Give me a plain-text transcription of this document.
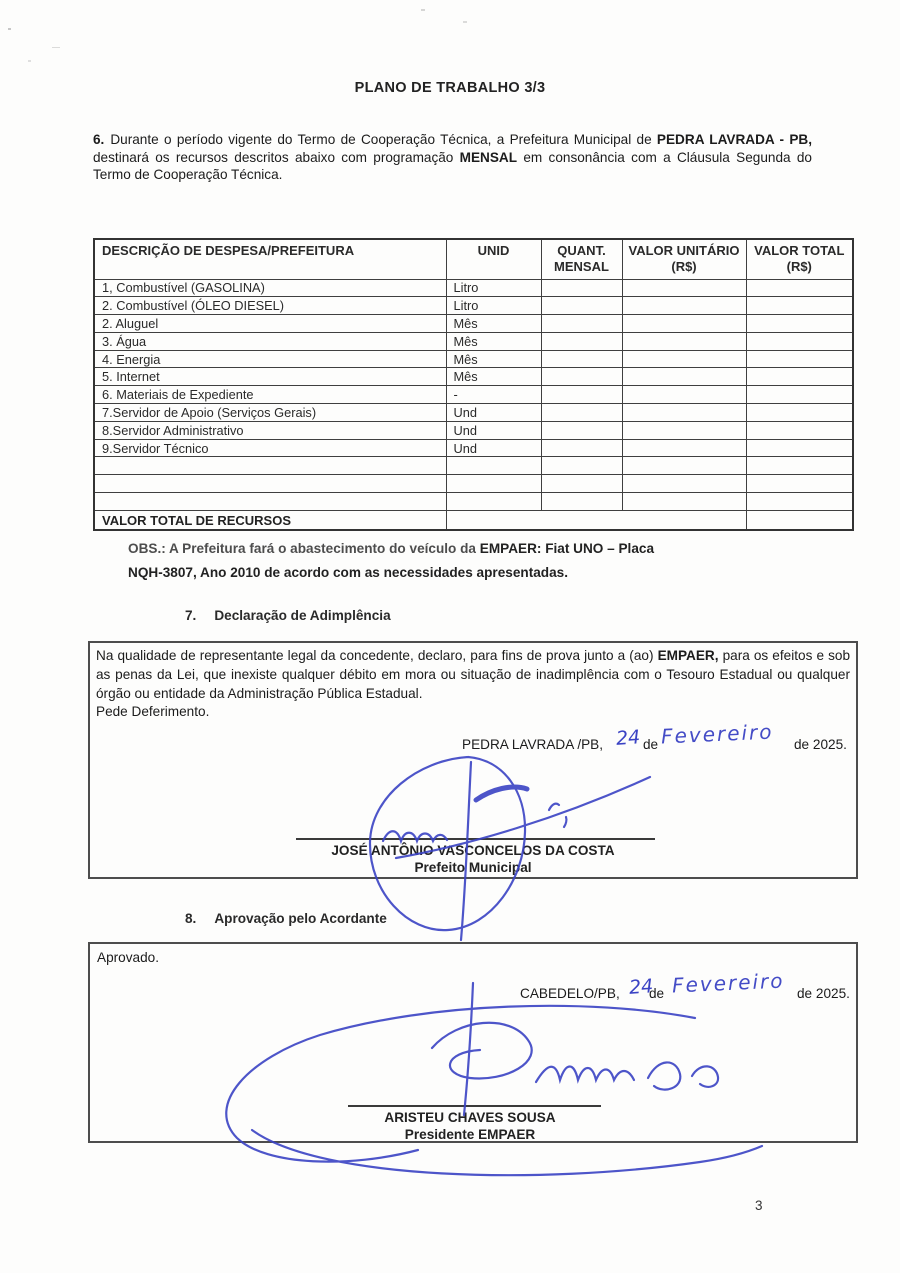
PLANO DE TRABALHO 3/3
6. Durante o período vigente do Termo de Cooperação Técnica, a Prefeitura Municipal de PEDRA LAVRADA - PB, destinará os recursos descritos abaixo com programação MENSAL em consonância com a Cláusula Segunda do Termo de Cooperação Técnica.
DESCRIÇÃO DE DESPESA/PREFEITURA	UNID	QUANT. MENSAL	VALOR UNITÁRIO (R$)	VALOR TOTAL (R$)
1, Combustível (GASOLINA)	Litro			
2. Combustível (ÓLEO DIESEL)	Litro			
2. Aluguel	Mês			
3. Água	Mês			
4. Energia	Mês			
5. Internet	Mês			
6. Materiais de Expediente	-			
7.Servidor de Apoio (Serviços Gerais)	Und			
8.Servidor Administrativo	Und			
9.Servidor Técnico	Und			

VALOR TOTAL DE RECURSOS				
OBS.: A Prefeitura fará o abastecimento do veículo da EMPAER: Fiat UNO – Placa
NQH-3807, Ano 2010 de acordo com as necessidades apresentadas.
7. Declaração de Adimplência
Na qualidade de representante legal da concedente, declaro, para fins de prova junto a (ao) EMPAER, para os efeitos e sob as penas da Lei, que inexiste qualquer débito em mora ou situação de inadimplência com o Tesouro Estadual ou qualquer órgão ou entidade da Administração Pública Estadual.
Pede Deferimento.
PEDRA LAVRADA /PB, 24 de Fevereiro de 2025.
JOSÉ ANTÔNIO VASCONCELOS DA COSTA
Prefeito Municipal
8. Aprovação pelo Acordante
Aprovado.
CABEDELO/PB, 24
de Fevereiro de 2025.
ARISTEU CHAVES SOUSA
Presidente EMPAER
3
